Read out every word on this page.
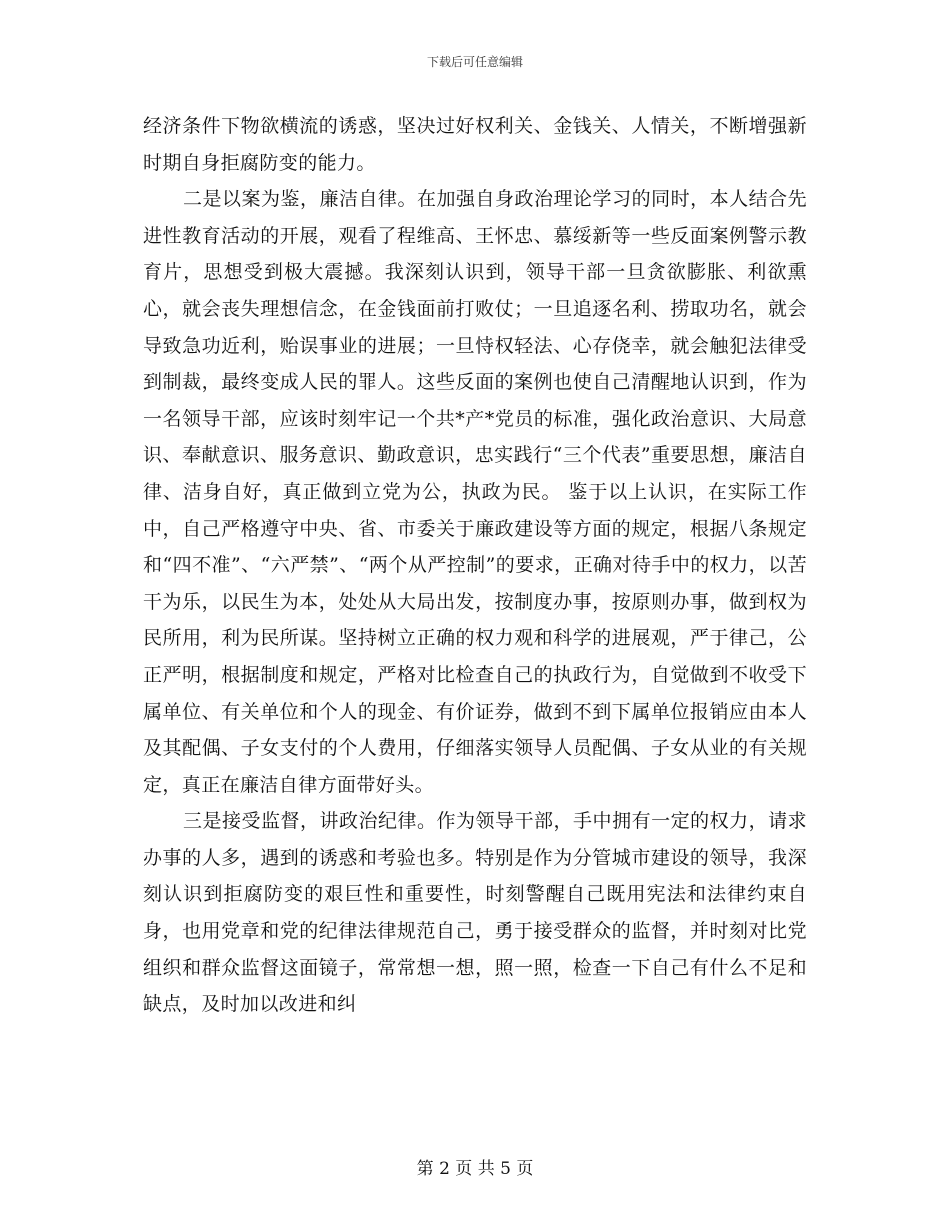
下载后可任意编辑

经济条件下物欲横流的诱惑，坚决过好权利关、金钱关、人情关，不断增强新时期自身拒腐防变的能力。

二是以案为鉴，廉洁自律。在加强自身政治理论学习的同时，本人结合先进性教育活动的开展，观看了程维高、王怀忠、慕绥新等一些反面案例警示教育片，思想受到极大震撼。我深刻认识到，领导干部一旦贪欲膨胀、利欲熏心，就会丧失理想信念，在金钱面前打败仗；一旦追逐名利、捞取功名，就会导致急功近利，贻误事业的进展；一旦恃权轻法、心存侥幸，就会触犯法律受到制裁，最终变成人民的罪人。这些反面的案例也使自己清醒地认识到，作为一名领导干部，应该时刻牢记一个共*产*党员的标准，强化政治意识、大局意识、奉献意识、服务意识、勤政意识，忠实践行“三个代表”重要思想，廉洁自律、洁身自好，真正做到立党为公，执政为民。 鉴于以上认识，在实际工作中，自己严格遵守中央、省、市委关于廉政建设等方面的规定，根据八条规定和“四不准”、“六严禁”、“两个从严控制”的要求，正确对待手中的权力，以苦干为乐，以民生为本，处处从大局出发，按制度办事，按原则办事，做到权为民所用，利为民所谋。坚持树立正确的权力观和科学的进展观，严于律己，公正严明，根据制度和规定，严格对比检查自己的执政行为，自觉做到不收受下属单位、有关单位和个人的现金、有价证券，做到不到下属单位报销应由本人及其配偶、子女支付的个人费用，仔细落实领导人员配偶、子女从业的有关规定，真正在廉洁自律方面带好头。

三是接受监督，讲政治纪律。作为领导干部，手中拥有一定的权力，请求办事的人多，遇到的诱惑和考验也多。特别是作为分管城市建设的领导，我深刻认识到拒腐防变的艰巨性和重要性，时刻警醒自己既用宪法和法律约束自身，也用党章和党的纪律法律规范自己，勇于接受群众的监督，并时刻对比党组织和群众监督这面镜子，常常想一想，照一照，检查一下自己有什么不足和缺点，及时加以改进和纠

第 2 页 共 5 页
